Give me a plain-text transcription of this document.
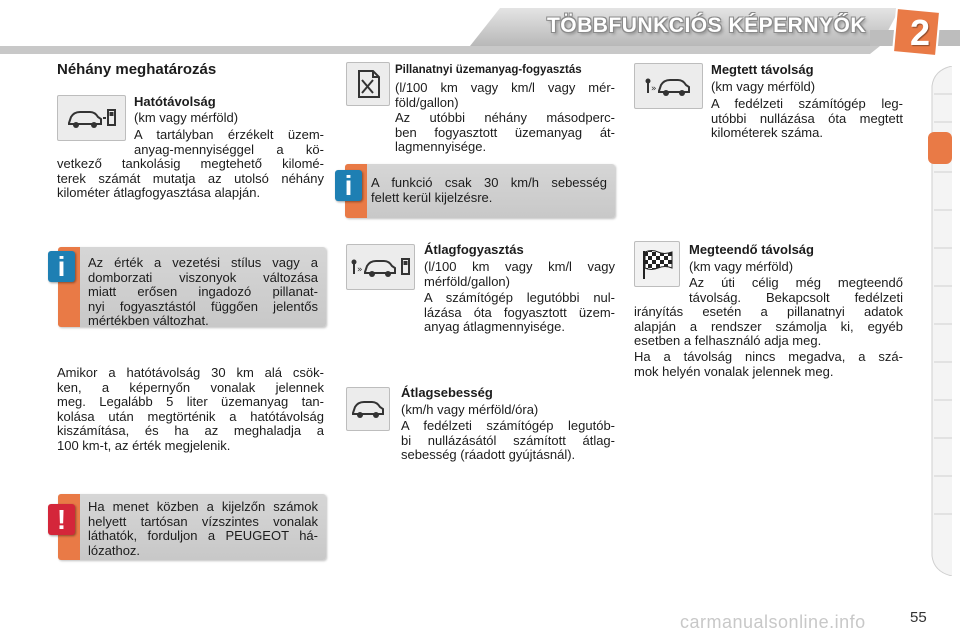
TÖBBFUNKCIÓS KÉPERNYŐK	2
Néhány meghatározás
Hatótávolság

(km vagy mérföld)

A tartályban érzékelt üzem-

anyag-mennyiséggel a kö-

vetkező tankolásig megtehető kilomé-

terek számát mutatja az utolsó néhány

kilométer átlagfogyasztása alapján.

i	Az érték a vezetési stílus vagy a

domborzati viszonyok változása

miatt erősen ingadozó pillanat-

nyi fogyasztástól függően jelentős

mértékben változhat.

Amikor a hatótávolság 30 km alá csök-

ken, a képernyőn vonalak jelennek

meg. Legalább 5 liter üzemanyag tan-

kolása után megtörténik a hatótávolság

kiszámítása, és ha az meghaladja a

100 km-t, az érték megjelenik.

!	Ha menet közben a kijelzőn számok

helyett tartósan vízszintes vonalak

láthatók, forduljon a PEUGEOT há-

lózathoz.

Pillanatnyi üzemanyag-fogyasztás

(l/100 km vagy km/l vagy mér-

föld/gallon)

Az utóbbi néhány másodperc-

ben fogyasztott üzemanyag át-

lagmennyisége.

i	A funkció csak 30 km/h sebesség

felett kerül kijelzésre.

»
Átlagfogyasztás

(l/100 km vagy km/l vagy

mérföld/gallon)

A számítógép legutóbbi nul-

lázása óta fogyasztott üzem-

anyag átlagmennyisége.

Átlagsebesség

(km/h vagy mérföld/óra)

A fedélzeti számítógép legutób-

bi nullázásától számított átlag-

sebesség (ráadott gyújtásnál).

»
Megtett távolság

(km vagy mérföld)

A fedélzeti számítógép leg-

utóbbi nullázása óta megtett

kilométerek száma.

Megteendő távolság

(km vagy mérföld)

Az úti célig még megteendő

távolság. Bekapcsolt fedélzeti

irányítás esetén a pillanatnyi adatok

alapján a rendszer számolja ki, egyéb

esetben a felhasználó adja meg.

Ha a távolság nincs megadva, a szá-

mok helyén vonalak jelennek meg.

carmanualsonline.info	55
